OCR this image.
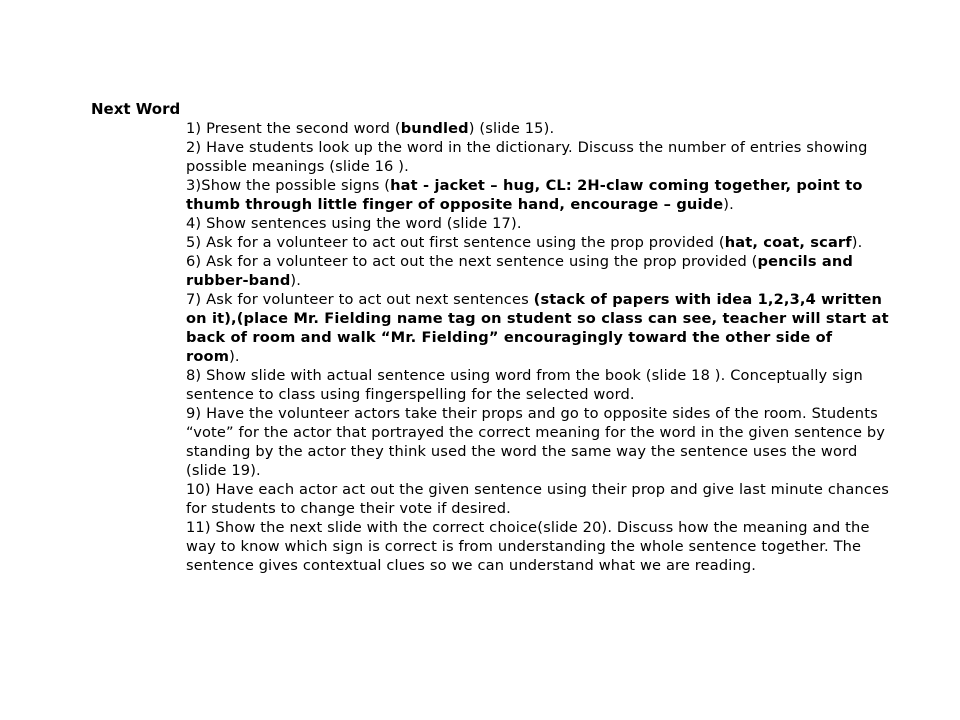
Next Word
1) Present the second word (bundled) (slide 15).
2) Have students look up the word in the dictionary. Discuss the number of entries showing possible meanings (slide 16 ).
3)Show the possible signs (hat - jacket – hug, CL: 2H-claw coming together, point to thumb through little finger of opposite hand, encourage – guide).
4) Show sentences using the word (slide 17).
5) Ask for a volunteer to act out first sentence using the prop provided (hat, coat, scarf).
6) Ask for a volunteer to act out the next sentence using the prop provided (pencils and rubber-band).
7) Ask for volunteer to act out next sentences (stack of papers with idea 1,2,3,4 written on it),(place Mr. Fielding name tag on student so class can see, teacher will start at back of room and walk “Mr. Fielding” encouragingly toward the other side of room).
8) Show slide with actual sentence using word from the book (slide 18 ). Conceptually sign sentence to class using fingerspelling for the selected word.
9) Have the volunteer actors take their props and go to opposite sides of the room. Students “vote” for the actor that portrayed the correct meaning for the word in the given sentence by standing by the actor they think used the word the same way the sentence uses the word (slide 19).
10) Have each actor act out the given sentence using their prop and give last minute chances for students to change their vote if desired.
11) Show the next slide with the correct choice(slide 20). Discuss how the meaning and the way to know which sign is correct is from understanding the whole sentence together. The sentence gives contextual clues so we can understand what we are reading.
